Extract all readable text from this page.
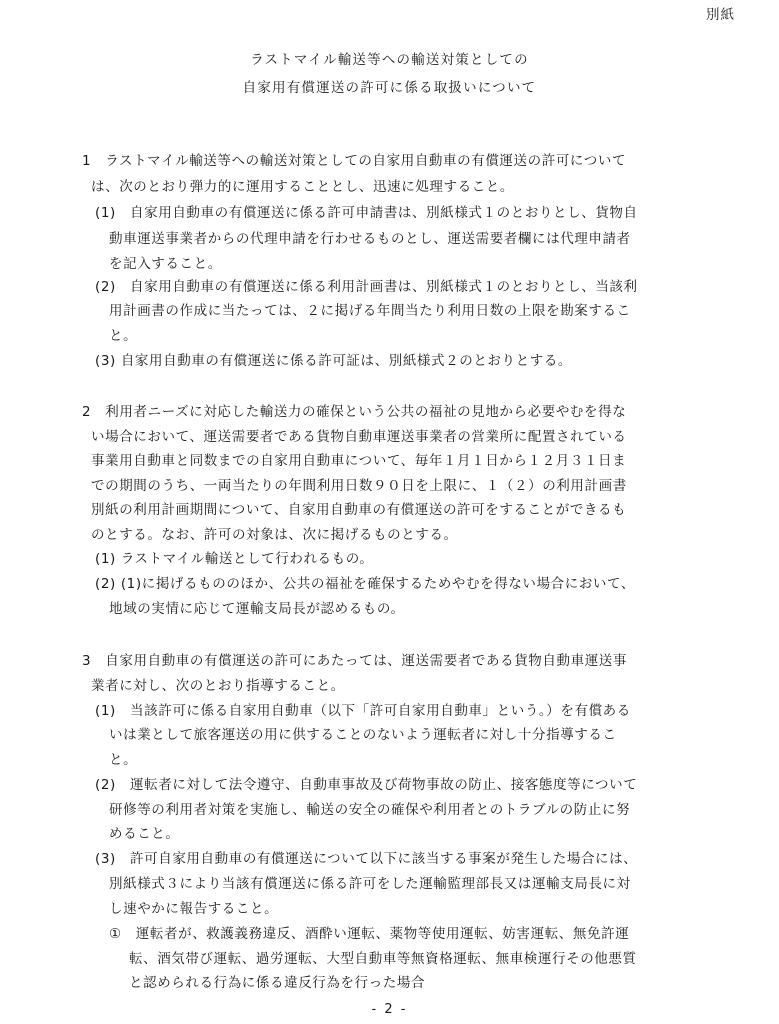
別紙
ラストマイル輸送等への輸送対策としての
自家用有償運送の許可に係る取扱いについて
1　ラストマイル輸送等への輸送対策としての自家用自動車の有償運送の許可について
は、次のとおり弾力的に運用することとし、迅速に処理すること。
(1)　自家用自動車の有償運送に係る許可申請書は、別紙様式１のとおりとし、貨物自
動車運送事業者からの代理申請を行わせるものとし、運送需要者欄には代理申請者
を記入すること。
(2)　自家用自動車の有償運送に係る利用計画書は、別紙様式１のとおりとし、当該利
用計画書の作成に当たっては、２に掲げる年間当たり利用日数の上限を勘案するこ
と。
(3) 自家用自動車の有償運送に係る許可証は、別紙様式２のとおりとする。
2　利用者ニーズに対応した輸送力の確保という公共の福祉の見地から必要やむを得な
い場合において、運送需要者である貨物自動車運送事業者の営業所に配置されている
事業用自動車と同数までの自家用自動車について、毎年１月１日から１２月３１日ま
での期間のうち、一両当たりの年間利用日数９０日を上限に、１（２）の利用計画書
別紙の利用計画期間について、自家用自動車の有償運送の許可をすることができるも
のとする。なお、許可の対象は、次に掲げるものとする。
(1) ラストマイル輸送として行われるもの。
(2) (1)に掲げるもののほか、公共の福祉を確保するためやむを得ない場合において、
地域の実情に応じて運輸支局長が認めるもの。
3　自家用自動車の有償運送の許可にあたっては、運送需要者である貨物自動車運送事
業者に対し、次のとおり指導すること。
(1)　当該許可に係る自家用自動車（以下「許可自家用自動車」という。）を有償ある
いは業として旅客運送の用に供することのないよう運転者に対し十分指導するこ
と。
(2)　運転者に対して法令遵守、自動車事故及び荷物事故の防止、接客態度等について
研修等の利用者対策を実施し、輸送の安全の確保や利用者とのトラブルの防止に努
めること。
(3)　許可自家用自動車の有償運送について以下に該当する事案が発生した場合には、
別紙様式３により当該有償運送に係る許可をした運輸監理部長又は運輸支局長に対
し速やかに報告すること。
①　運転者が、救護義務違反、酒酔い運転、薬物等使用運転、妨害運転、無免許運
転、酒気帯び運転、過労運転、大型自動車等無資格運転、無車検運行その他悪質
と認められる行為に係る違反行為を行った場合
- 2 -
